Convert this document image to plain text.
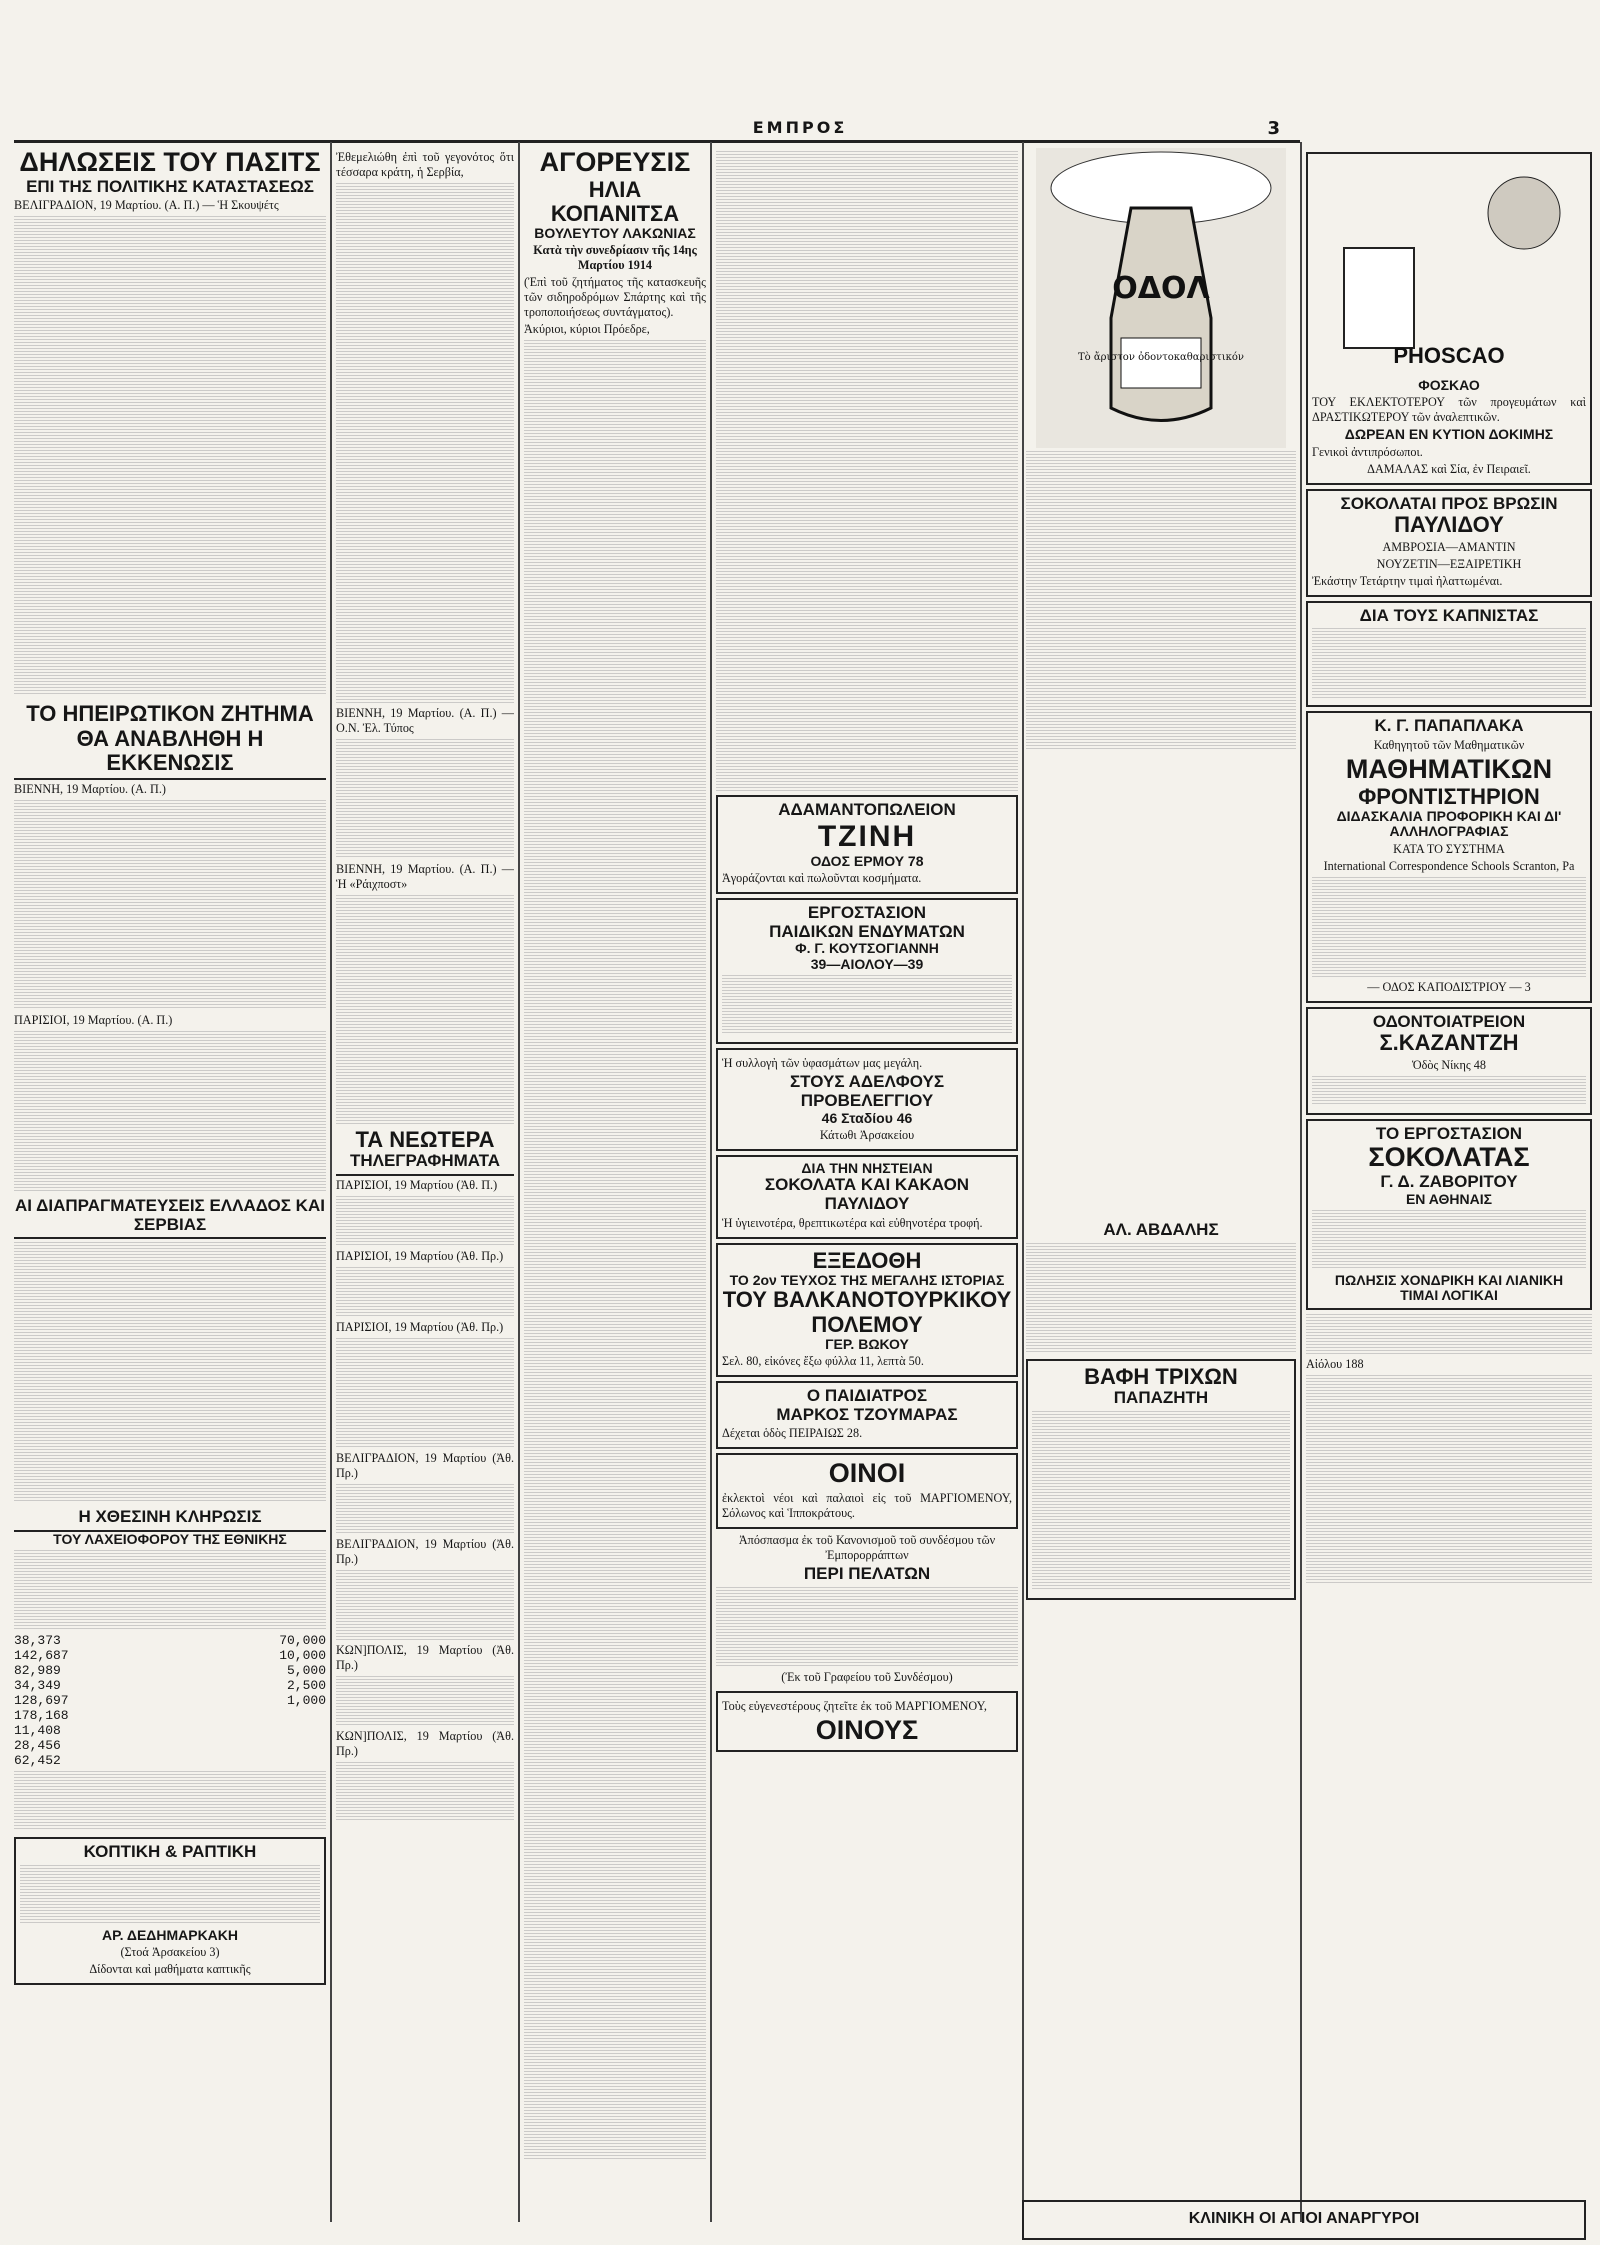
ΕΜΠΡΟΣ	3
ΔΗΛΩΣΕΙΣ ΤΟΥ ΠΑΣΙΤΣ
ΕΠΙ ΤΗΣ ΠΟΛΙΤΙΚΗΣ ΚΑΤΑΣΤΑΣΕΩΣ
ΒΕΛΙΓΡΑΔΙΟΝ, 19 Μαρτίου. (Α. Π.) — Ἡ Σκουψέτς
ΤΟ ΗΠΕΙΡΩΤΙΚΟΝ ΖΗΤΗΜΑ
ΘΑ ΑΝΑΒΛΗΘΗ Η ΕΚΚΕΝΩΣΙΣ
ΒΙΕΝΝΗ, 19 Μαρτίου. (Α. Π.)
ΠΑΡΙΣΙΟΙ, 19 Μαρτίου. (Α. Π.)
ΑΙ ΔΙΑΠΡΑΓΜΑΤΕΥΣΕΙΣ ΕΛΛΑΔΟΣ ΚΑΙ ΣΕΡΒΙΑΣ
Η ΧΘΕΣΙΝΗ ΚΛΗΡΩΣΙΣ
ΤΟΥ ΛΑΧΕΙΟΦΟΡΟΥ ΤΗΣ ΕΘΝΙΚΗΣ
38,373	70,000
142,687	10,000
82,989	5,000
34,349	2,500
128,697	1,000
178,168
11,408
28,456
62,452
ΚΟΠΤΙΚΗ & ΡΑΠΤΙΚΗ
ΑΡ. ΔΕΔΗΜΑΡΚΑΚΗ
(Στοά Ἀρσακείου 3)
Δίδονται καὶ μαθήματα καπτικῆς
Ἐθεμελιώθη ἐπὶ τοῦ γεγονότος ὅτι τέσσαρα κράτη, ἡ Σερβία,
ΒΙΕΝΝΗ, 19 Μαρτίου. (Α. Π.) — Ο.Ν. Ἐλ. Τύπος
ΒΙΕΝΝΗ, 19 Μαρτίου. (Α. Π.) — Ἡ «Ράιχποστ»
ΤΑ ΝΕΩΤΕΡΑ
ΤΗΛΕΓΡΑΦΗΜΑΤΑ
ΠΑΡΙΣΙΟΙ, 19 Μαρτίου (Ἀθ. Π.)
ΠΑΡΙΣΙΟΙ, 19 Μαρτίου (Ἀθ. Πρ.)
ΠΑΡΙΣΙΟΙ, 19 Μαρτίου (Ἀθ. Πρ.)
ΒΕΛΙΓΡΑΔΙΟΝ, 19 Μαρτίου (Ἀθ. Πρ.)
ΒΕΛΙΓΡΑΔΙΟΝ, 19 Μαρτίου (Ἀθ. Πρ.)
ΚΩΝ]ΠΟΛΙΣ, 19 Μαρτίου (Ἀθ. Πρ.)
ΚΩΝ]ΠΟΛΙΣ, 19 Μαρτίου (Ἀθ. Πρ.)
ΑΓΟΡΕΥΣΙΣ
ΗΛΙΑ ΚΟΠΑΝΙΤΣΑ
ΒΟΥΛΕΥΤΟΥ ΛΑΚΩΝΙΑΣ
Κατὰ τὴν συνεδρίασιν τῆς 14ης Μαρτίου 1914
(Ἐπὶ τοῦ ζητήματος τῆς κατασκευῆς τῶν σιδηροδρόμων Σπάρτης καὶ τῆς τροποποιήσεως συντάγματος).
Ἀκύριοι, κύριοι Πρόεδρε,
ΑΔΑΜΑΝΤΟΠΩΛΕΙΟΝ
ΤΖΙΝΗ
ΟΔΟΣ ΕΡΜΟΥ 78
Ἀγοράζονται καὶ πωλοῦνται κοσμήματα.
ΕΡΓΟΣΤΑΣΙΟΝ
ΠΑΙΔΙΚΩΝ ΕΝΔΥΜΑΤΩΝ
Φ. Γ. ΚΟΥΤΣΟΓΙΑΝΝΗ
39—ΑΙΟΛΟΥ—39
Ἡ συλλογὴ τῶν ὑφασμάτων μας μεγάλη.
ΣΤΟΥΣ ΑΔΕΛΦΟΥΣ ΠΡΟΒΕΛΕΓΓΙΟΥ
46 Σταδίου 46
Κάτωθι Ἀρσακείου
ΔΙΑ ΤΗΝ ΝΗΣΤΕΙΑΝ
ΣΟΚΟΛΑΤΑ ΚΑΙ ΚΑΚΑΟΝ
ΠΑΥΛΙΔΟΥ
Ἡ ὑγιεινοτέρα, θρεπτικωτέρα καὶ εὐθηνοτέρα τροφή.
ΕΞΕΔΟΘΗ
ΤΟ 2ον ΤΕΥΧΟΣ ΤΗΣ ΜΕΓΑΛΗΣ ΙΣΤΟΡΙΑΣ
ΤΟΥ ΒΑΛΚΑΝΟΤΟΥΡΚΙΚΟΥ
ΠΟΛΕΜΟΥ
ΓΕΡ. ΒΩΚΟΥ
Σελ. 80, εἰκόνες ἔξω φύλλα 11, λεπτὰ 50.
Ο ΠΑΙΔΙΑΤΡΟΣ
ΜΑΡΚΟΣ ΤΖΟΥΜΑΡΑΣ
Δέχεται ὁδὸς ΠΕΙΡΑΙΩΣ 28.
ΟΙΝΟΙ
ἐκλεκτοὶ νέοι καὶ παλαιοὶ εἰς τοῦ ΜΑΡΓΙΟΜΕΝΟΥ, Σόλωνος καὶ Ἱπποκράτους.
Ἀπόσπασμα ἐκ τοῦ Κανονισμοῦ τοῦ συνδέσμου τῶν Ἐμπορορράπτων
ΠΕΡΙ ΠΕΛΑΤΩΝ
(Ἐκ τοῦ Γραφείου τοῦ Συνδέσμου)
Τοὺς εὐγενεστέρους ζητεῖτε ἐκ τοῦ ΜΑΡΓΙΟΜΕΝΟΥ,
ΟΙΝΟΥΣ
ΟΔΟΛ
Τὸ ἄριστον ὀδοντοκαθαριστικόν
ΑΛ. ΑΒΔΑΛΗΣ
ΒΑΦΗ ΤΡΙΧΩΝ
ΠΑΠΑΖΗΤΗ
PHOSCAO
ΦΟΣΚΑΟ
ΤΟΥ ΕΚΛΕΚΤΟΤΕΡΟΥ τῶν προγευμάτων καὶ ΔΡΑΣΤΙΚΩΤΕΡΟΥ τῶν ἀναλεπτικῶν.
ΔΩΡΕΑΝ ΕΝ ΚΥΤΙΟΝ ΔΟΚΙΜΗΣ
Γενικοὶ ἀντιπρόσωποι.
ΔΑΜΑΛΑΣ καὶ Σία, ἐν Πειραιεῖ.
ΣΟΚΟΛΑΤΑΙ ΠΡΟΣ ΒΡΩΣΙΝ
ΠΑΥΛΙΔΟΥ
ΑΜΒΡΟΣΙΑ—ΑΜΑΝΤΙΝ
ΝΟΥΖΕΤΙΝ—ΕΞΑΙΡΕΤΙΚΗ
Ἐκάστην Τετάρτην τιμαὶ ἠλαττωμέναι.
ΔΙΑ ΤΟΥΣ ΚΑΠΝΙΣΤΑΣ
Κ. Γ. ΠΑΠΑΠΛΑΚΑ
Καθηγητοῦ τῶν Μαθηματικῶν
ΜΑΘΗΜΑΤΙΚΩΝ
ΦΡΟΝΤΙΣΤΗΡΙΟΝ
ΔΙΔΑΣΚΑΛΙΑ ΠΡΟΦΟΡΙΚΗ ΚΑΙ ΔΙ' ΑΛΛΗΛΟΓΡΑΦΙΑΣ
ΚΑΤΑ ΤΟ ΣΥΣΤΗΜΑ
International Correspondence Schools Scranton, Pa
— ΟΔΟΣ ΚΑΠΟΔΙΣΤΡΙΟΥ — 3
ΟΔΟΝΤΟΙΑΤΡΕΙΟΝ
Σ.ΚΑΖΑΝΤΖΗ
Ὁδὸς Νίκης 48
ΤΟ ΕΡΓΟΣΤΑΣΙΟΝ
ΣΟΚΟΛΑΤΑΣ
Γ. Δ. ΖΑΒΟΡΙΤΟΥ
ΕΝ ΑΘΗΝΑΙΣ
ΠΩΛΗΣΙΣ ΧΟΝΔΡΙΚΗ ΚΑΙ ΛΙΑΝΙΚΗ
ΤΙΜΑΙ ΛΟΓΙΚΑΙ
Αἰόλου 188
ΚΛΙΝΙΚΗ ΟΙ ΑΓΙΟΙ ΑΝΑΡΓΥΡΟΙ
